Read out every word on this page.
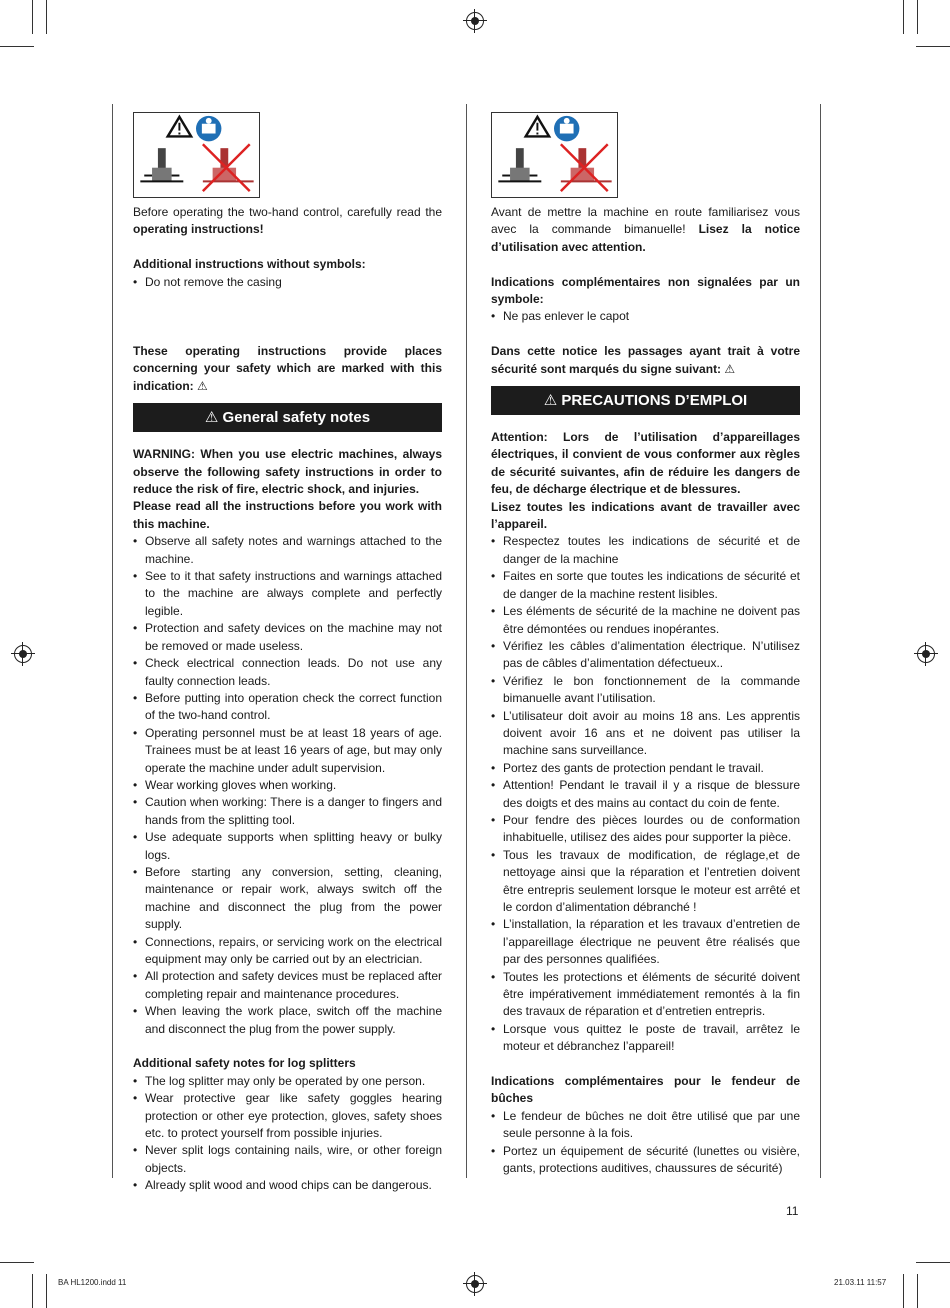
Before operating the two-hand control, carefully read the operating instructions!

Additional instructions without symbols:

• Do not remove the casing

These operating instructions provide places concerning your safety which are marked with this indication: ⚠

⚠ General safety notes

WARNING: When you use electric machines, always observe the following safety instructions in order to reduce the risk of fire, electric shock, and injuries.

Please read all the instructions before you work with this machine.

• Observe all safety notes and warnings attached to the machine.
• See to it that safety instructions and warnings attached to the machine are always complete and perfectly legible.
• Protection and safety devices on the machine may not be removed or made useless.
• Check electrical connection leads. Do not use any faulty connection leads.
• Before putting into operation check the correct function of the two-hand control.
• Operating personnel must be at least 18 years of age. Trainees must be at least 16 years of age, but may only operate the machine under adult supervision.
• Wear working gloves when working.
• Caution when working: There is a danger to fingers and hands from the splitting tool.
• Use adequate supports when splitting heavy or bulky logs.
• Before starting any conversion, setting, cleaning, maintenance or repair work, always switch off the machine and disconnect the plug from the power supply.
• Connections, repairs, or servicing work on the electrical equipment may only be carried out by an electrician.
• All protection and safety devices must be replaced after completing repair and maintenance procedures.
• When leaving the work place, switch off the machine and disconnect the plug from the power supply.

Additional safety notes for log splitters

• The log splitter may only be operated by one person.
• Wear protective gear like safety goggles hearing protection or other eye protection, gloves, safety shoes etc. to protect yourself from possible injuries.
• Never split logs containing nails, wire, or other foreign objects.
• Already split wood and wood chips can be dangerous.

Avant de mettre la machine en route familiarisez vous avec la commande bimanuelle! Lisez la notice d’utilisation avec attention.

Indications complémentaires non signalées par un symbole:

• Ne pas enlever le capot

Dans cette notice les passages ayant trait à votre sécurité sont marqués du signe suivant: ⚠

⚠ PRECAUTIONS D’EMPLOI

Attention: Lors de l’utilisation d’appareillages électriques, il convient de vous conformer aux règles de sécurité suivantes, afin de réduire les dangers de feu, de décharge électrique et de blessures.

Lisez toutes les indications avant de travailler avec l’appareil.

• Respectez toutes les indications de sécurité et de danger de la machine
• Faites en sorte que toutes les indications de sécurité et de danger de la machine restent lisibles.
• Les éléments de sécurité de la machine ne doivent pas être démontées ou rendues inopérantes.
• Vérifiez les câbles d’alimentation électrique. N’utilisez pas de câbles d’alimentation défectueux..
• Vérifiez le bon fonctionnement de la commande bimanuelle avant l’utilisation.
• L’utilisateur doit avoir au moins 18 ans. Les apprentis doivent avoir 16 ans et ne doivent pas utiliser la machine sans surveillance.
• Portez des gants de protection pendant le travail.
• Attention! Pendant le travail il y a risque de blessure des doigts et des mains au contact du coin de fente.
• Pour fendre des pièces lourdes ou de conformation inhabituelle, utilisez des aides pour supporter la pièce.
• Tous les travaux de modification, de réglage,et de nettoyage ainsi que la réparation et l’entretien doivent être entrepris seulement lorsque le moteur est arrêté et le cordon d’alimentation débranché !
• L’installation, la réparation et les travaux d’entretien de l’appareillage électrique ne peuvent être réalisés que par des personnes qualifiées.
• Toutes les protections et éléments de sécurité doivent être impérativement immédiatement remontés à la fin des travaux de réparation et d’entretien entrepris.
• Lorsque vous quittez le poste de travail, arrêtez le moteur et débranchez l’appareil!

Indications complémentaires pour le fendeur de bûches

• Le fendeur de bûches ne doit être utilisé que par une seule personne à la fois.
• Portez un équipement de sécurité (lunettes ou visière, gants, protections auditives, chaussures de sécurité)
11
BA HL1200.indd 11	21.03.11 11:57
